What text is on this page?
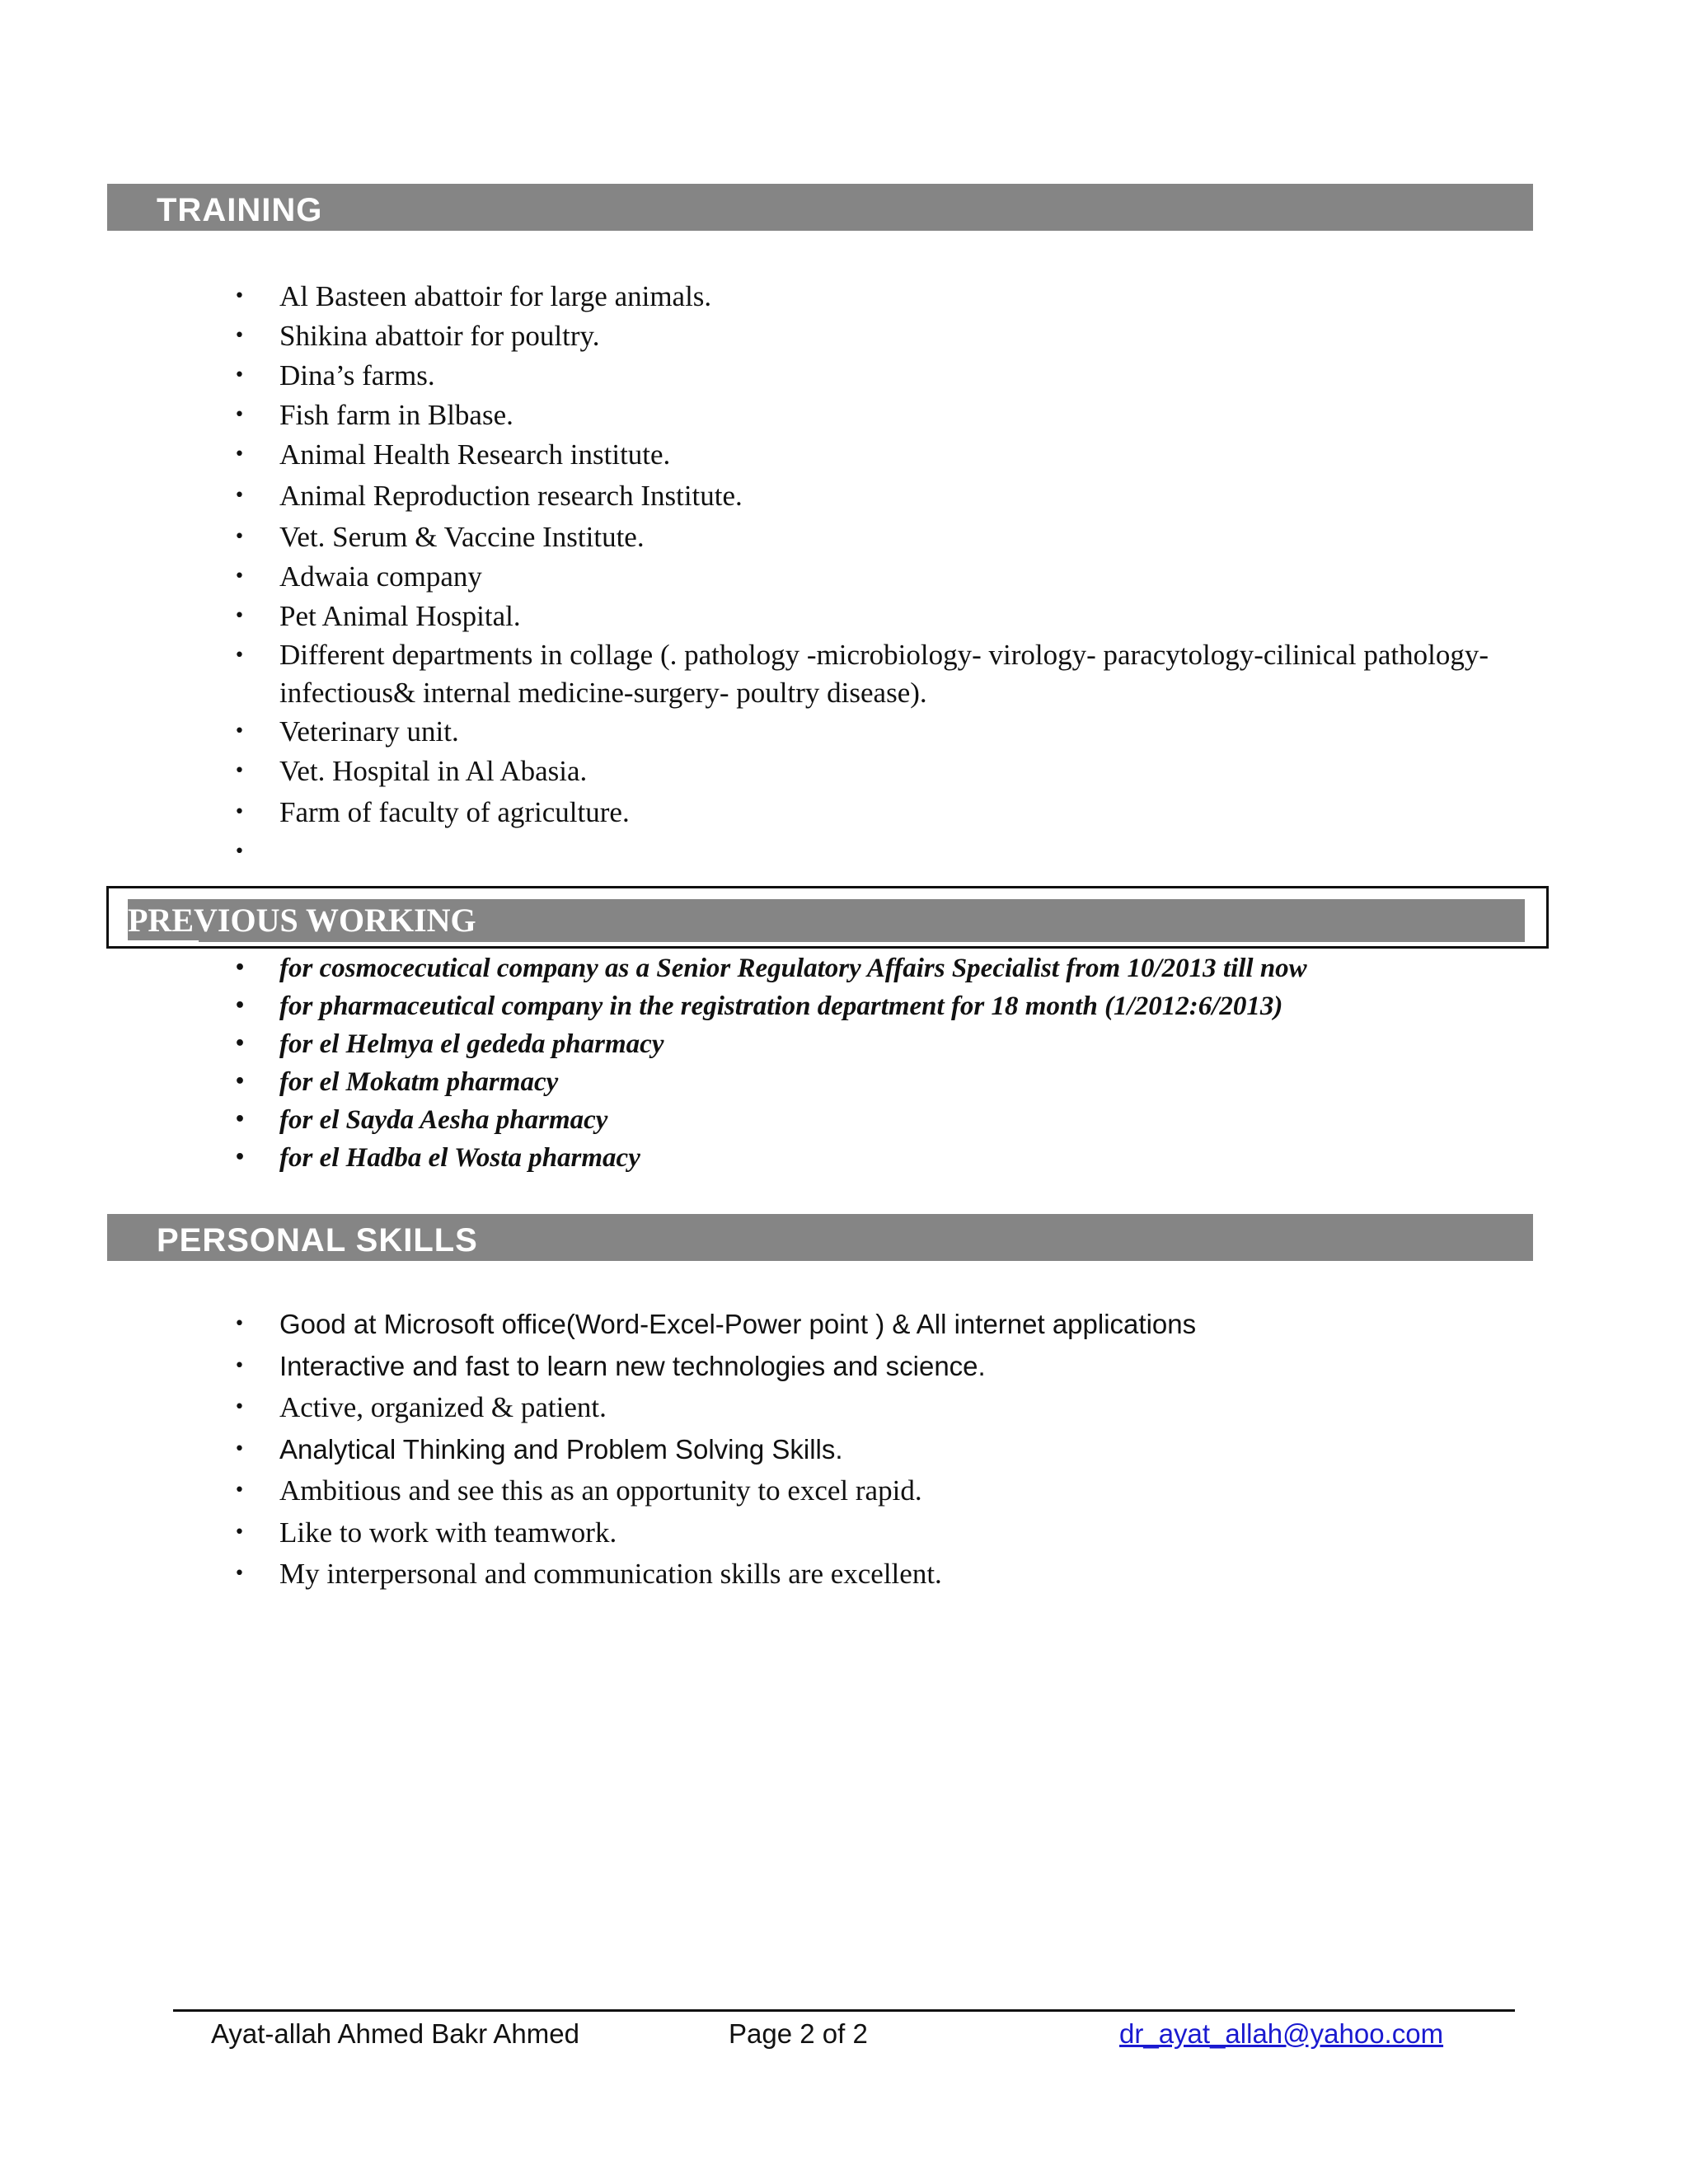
TRAINING
• Al Basteen abattoir for large animals.
• Shikina abattoir for poultry.
• Dina’s farms.
• Fish farm in Blbase.
• Animal Health Research institute.
• Animal Reproduction research Institute.
• Vet. Serum & Vaccine Institute.
• Adwaia company
• Pet Animal Hospital.
• Different departments in collage (. pathology -microbiology- virology- paracytology-cilinical pathology- infectious& internal medicine-surgery- poultry disease).
• Veterinary unit.
• Vet. Hospital in Al Abasia.
• Farm of faculty of agriculture.
•

PREVIOUS WORKING
• for cosmocecutical company as a Senior Regulatory Affairs Specialist from 10/2013 till now
• for pharmaceutical company in the registration department for 18 month (1/2012:6/2013)
• for el Helmya el gededa pharmacy
• for el Mokatm pharmacy
• for el Sayda Aesha pharmacy
• for el Hadba el Wosta pharmacy
PERSONAL SKILLS
• Good at Microsoft office(Word-Excel-Power point ) & All internet applications
• Interactive and fast to learn new technologies and science.
• Active, organized & patient.
• Analytical Thinking and Problem Solving Skills.
• Ambitious and see this as an opportunity to excel rapid.
• Like to work with teamwork.
• My interpersonal and communication skills are excellent.
Ayat-allah Ahmed Bakr Ahmed	Page 2 of 2	dr_ayat_allah@yahoo.com
